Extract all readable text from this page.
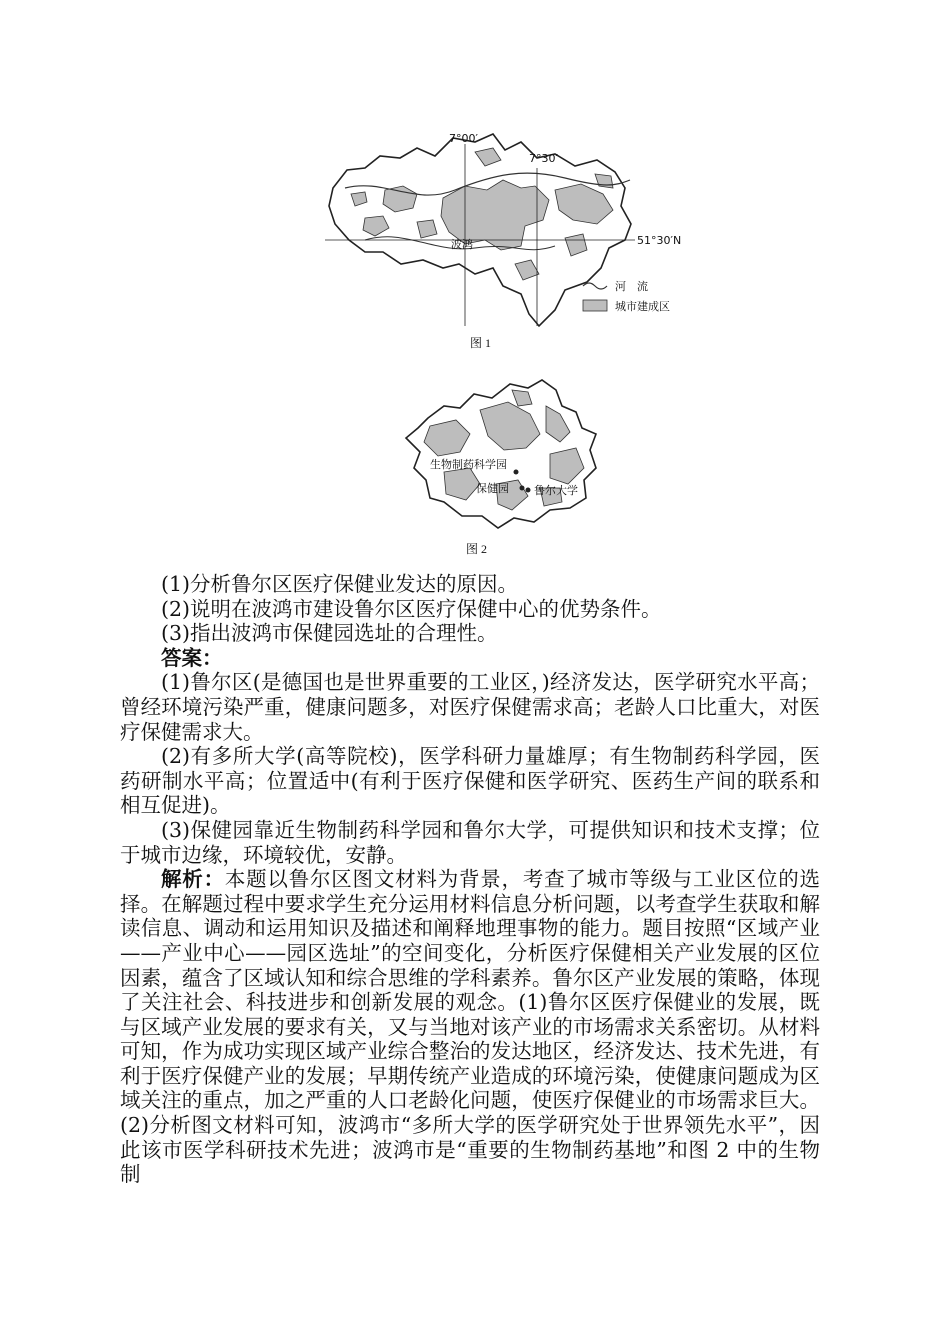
7°00′
7°30′
51°30′N
波鸿
河　流
城市建成区
图 1
生物制药科学园
保健园 鲁尔大学
图 2

(1)分析鲁尔区医疗保健业发达的原因。

(2)说明在波鸿市建设鲁尔区医疗保健中心的优势条件。

(3)指出波鸿市保健园选址的合理性。

答案：

(1)鲁尔区(是德国也是世界重要的工业区，)经济发达，医学研究水平高；曾经环境污染严重，健康问题多，对医疗保健需求高；老龄人口比重大，对医疗保健需求大。

(2)有多所大学(高等院校)，医学科研力量雄厚；有生物制药科学园，医药研制水平高；位置适中(有利于医疗保健和医学研究、医药生产间的联系和相互促进)。

(3)保健园靠近生物制药科学园和鲁尔大学，可提供知识和技术支撑；位于城市边缘，环境较优，安静。

解析：本题以鲁尔区图文材料为背景，考查了城市等级与工业区位的选择。在解题过程中要求学生充分运用材料信息分析问题，以考查学生获取和解读信息、调动和运用知识及描述和阐释地理事物的能力。题目按照“区域产业——产业中心——园区选址”的空间变化，分析医疗保健相关产业发展的区位因素，蕴含了区域认知和综合思维的学科素养。鲁尔区产业发展的策略，体现了关注社会、科技进步和创新发展的观念。(1)鲁尔区医疗保健业的发展，既与区域产业发展的要求有关，又与当地对该产业的市场需求关系密切。从材料可知，作为成功实现区域产业综合整治的发达地区，经济发达、技术先进，有利于医疗保健产业的发展；早期传统产业造成的环境污染，使健康问题成为区域关注的重点，加之严重的人口老龄化问题，使医疗保健业的市场需求巨大。(2)分析图文材料可知，波鸿市“多所大学的医学研究处于世界领先水平”，因此该市医学科研技术先进；波鸿市是“重要的生物制药基地”和图 2 中的生物制
